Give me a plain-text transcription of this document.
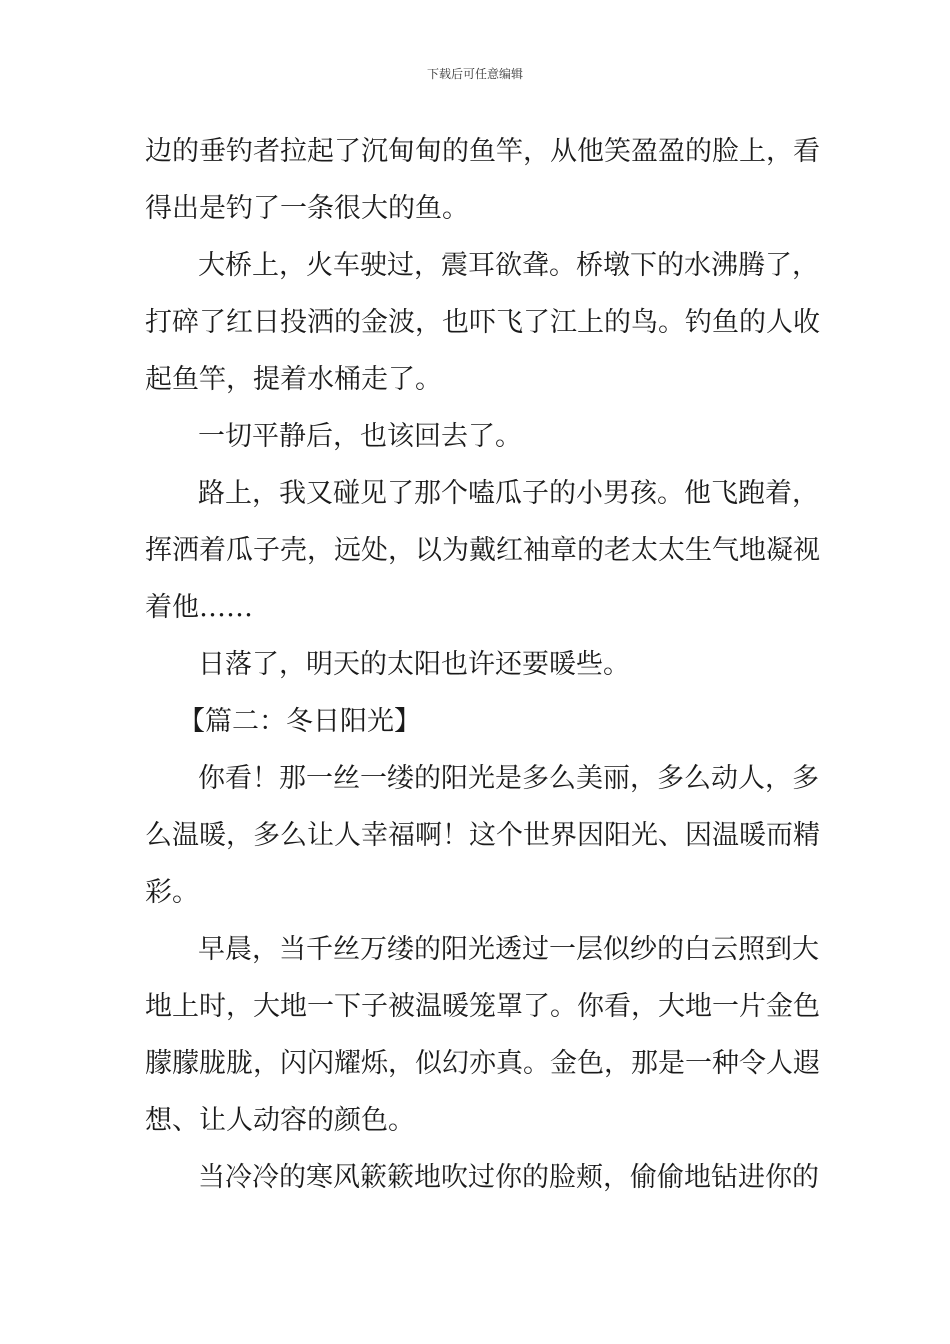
下载后可任意编辑
边的垂钓者拉起了沉甸甸的鱼竿，从他笑盈盈的脸上，看
得出是钓了一条很大的鱼。
大桥上，火车驶过，震耳欲聋。桥墩下的水沸腾了，
打碎了红日投洒的金波，也吓飞了江上的鸟。钓鱼的人收
起鱼竿，提着水桶走了。
一切平静后，也该回去了。
路上，我又碰见了那个嗑瓜子的小男孩。他飞跑着，
挥洒着瓜子壳，远处，以为戴红袖章的老太太生气地凝视
着他……
日落了，明天的太阳也许还要暖些。
【篇二：冬日阳光】
你看！那一丝一缕的阳光是多么美丽，多么动人，多
么温暖，多么让人幸福啊！这个世界因阳光、因温暖而精
彩。
早晨，当千丝万缕的阳光透过一层似纱的白云照到大
地上时，大地一下子被温暖笼罩了。你看，大地一片金色
朦朦胧胧，闪闪耀烁，似幻亦真。金色，那是一种令人遐
想、让人动容的颜色。
当冷冷的寒风簌簌地吹过你的脸颊，偷偷地钻进你的
